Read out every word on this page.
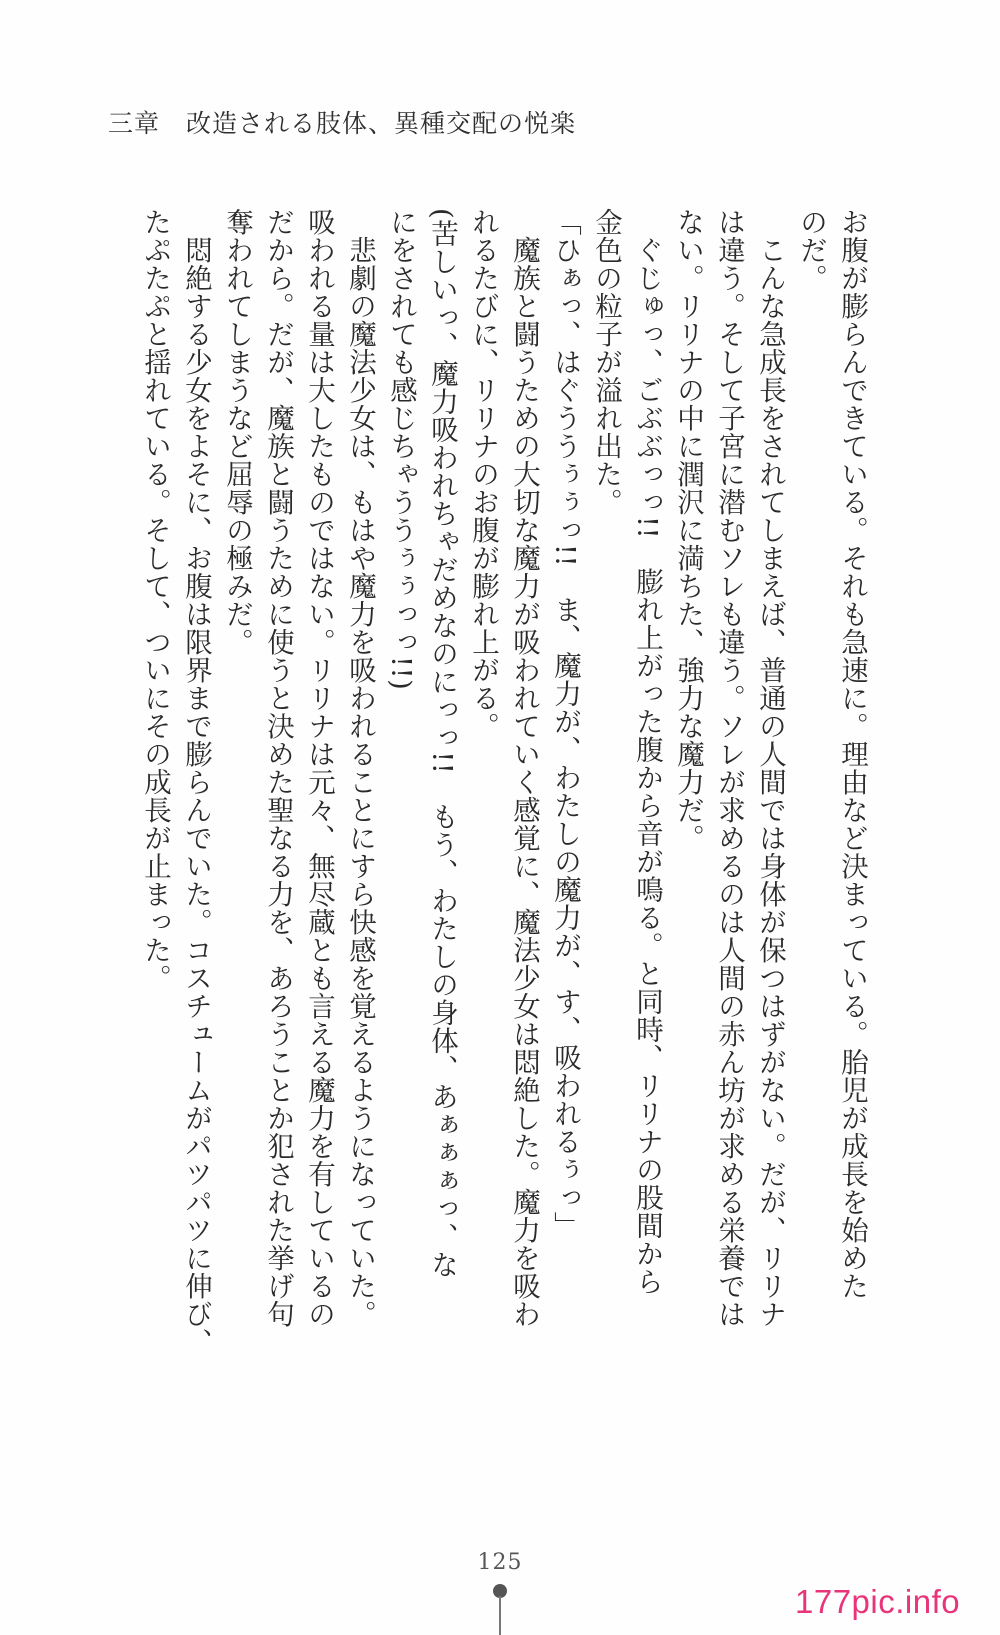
三章　改造される肢体、異種交配の悦楽
お腹が膨らんできている。それも急速に。理由など決まっている。胎児が成長を始めた
のだ。
こんな急成長をされてしまえば、普通の人間では身体が保つはずがない。だが、リリナ
は違う。そして子宮に潜むソレも違う。ソレが求めるのは人間の赤ん坊が求める栄養では
ない。リリナの中に潤沢に満ちた、強力な魔力だ。
ぐじゅっ、ごぶぶっっ!!　膨れ上がった腹から音が鳴る。と同時、リリナの股間から
金色の粒子が溢れ出た。
「ひぁっ、はぐううぅぅっ!!　ま、魔力が、わたしの魔力が、す、吸われるぅっ」
魔族と闘うための大切な魔力が吸われていく感覚に、魔法少女は悶絶した。魔力を吸わ
れるたびに、リリナのお腹が膨れ上がる。
(苦しいっ、魔力吸われちゃだめなのにっっ!!　もう、わたしの身体、あぁぁぁっ、な
にをされても感じちゃううぅぅっっ!!)
悲劇の魔法少女は、もはや魔力を吸われることにすら快感を覚えるようになっていた。
吸われる量は大したものではない。リリナは元々、無尽蔵とも言える魔力を有しているの
だから。だが、魔族と闘うために使うと決めた聖なる力を、あろうことか犯された挙げ句
奪われてしまうなど屈辱の極みだ。
悶絶する少女をよそに、お腹は限界まで膨らんでいた。コスチュームがパツパツに伸び、
たぷたぷと揺れている。そして、ついにその成長が止まった。
125
177pic.info
